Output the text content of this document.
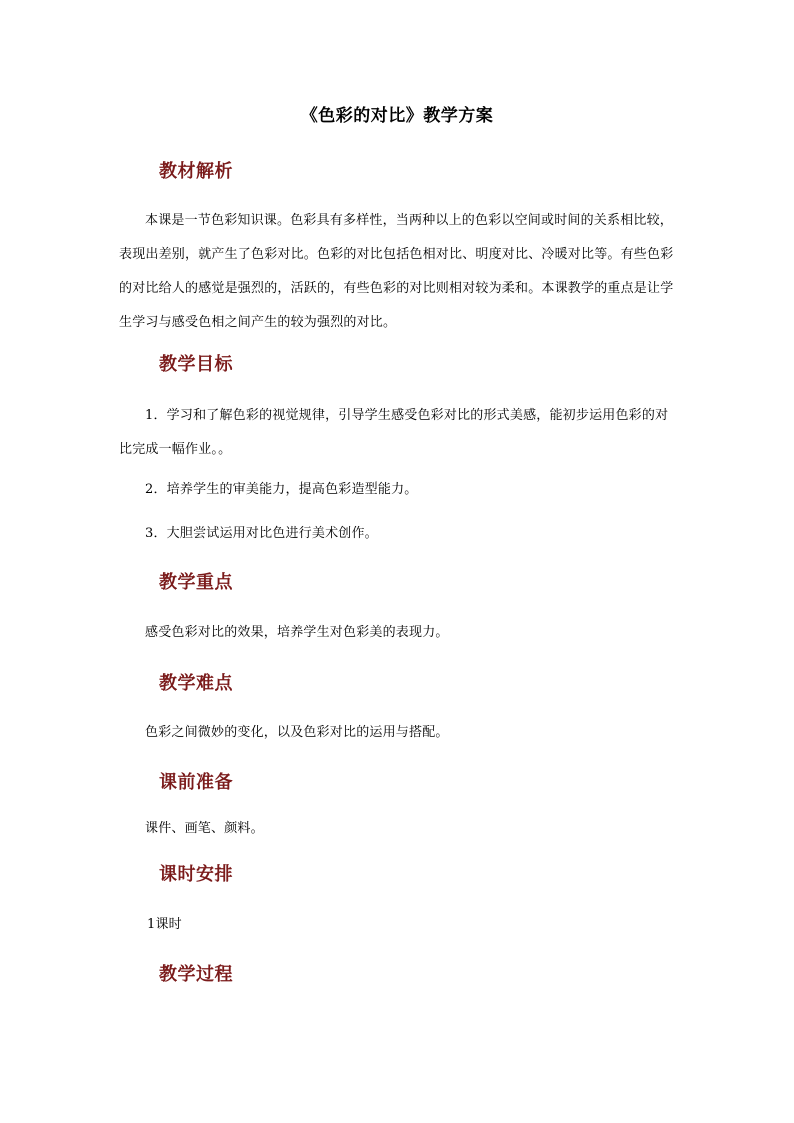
《色彩的对比》教学方案
教材解析
本课是一节色彩知识课。色彩具有多样性，当两种以上的色彩以空间或时间的关系相比较，表现出差别，就产生了色彩对比。色彩的对比包括色相对比、明度对比、冷暖对比等。有些色彩的对比给人的感觉是强烈的，活跃的，有些色彩的对比则相对较为柔和。本课教学的重点是让学生学习与感受色相之间产生的较为强烈的对比。
教学目标
1．学习和了解色彩的视觉规律，引导学生感受色彩对比的形式美感，能初步运用色彩的对比完成一幅作业。。
2．培养学生的审美能力，提高色彩造型能力。
3．大胆尝试运用对比色进行美术创作。
教学重点
感受色彩对比的效果，培养学生对色彩美的表现力。
教学难点
色彩之间微妙的变化，以及色彩对比的运用与搭配。
课前准备
课件、画笔、颜料。
课时安排
1课时
教学过程
